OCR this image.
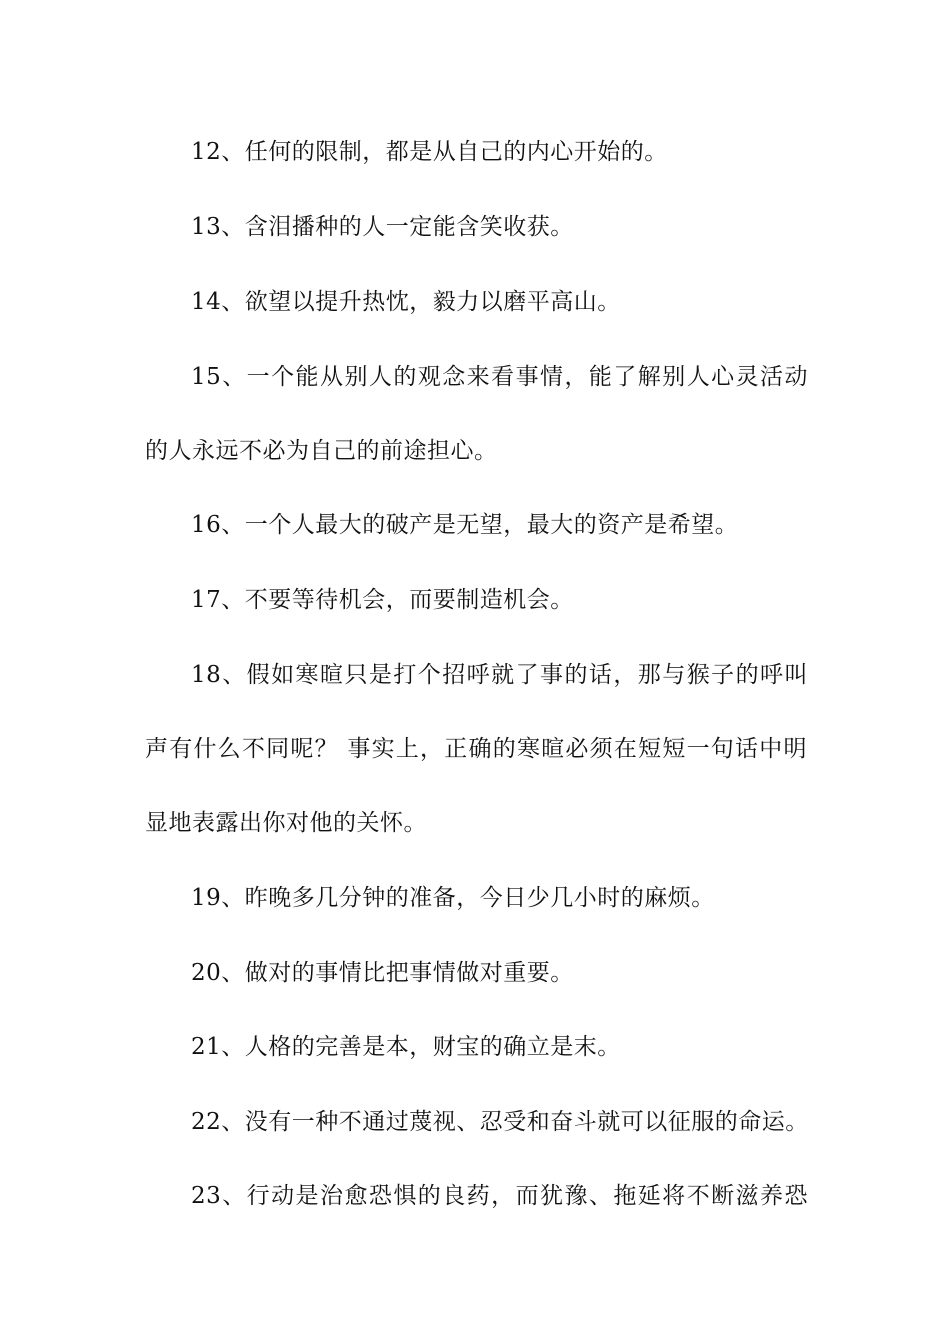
12、任何的限制，都是从自己的内心开始的。
13、含泪播种的人一定能含笑收获。
14、欲望以提升热忱，毅力以磨平高山。
15、一个能从别人的观念来看事情，能了解别人心灵活动
的人永远不必为自己的前途担心。
16、一个人最大的破产是无望，最大的资产是希望。
17、不要等待机会，而要制造机会。
18、假如寒暄只是打个招呼就了事的话，那与猴子的呼叫
声有什么不同呢？ 事实上，正确的寒暄必须在短短一句话中明
显地表露出你对他的关怀。
19、昨晚多几分钟的准备，今日少几小时的麻烦。
20、做对的事情比把事情做对重要。
21、人格的完善是本，财宝的确立是末。
22、没有一种不通过蔑视、忍受和奋斗就可以征服的命运。
23、行动是治愈恐惧的良药，而犹豫、拖延将不断滋养恐
